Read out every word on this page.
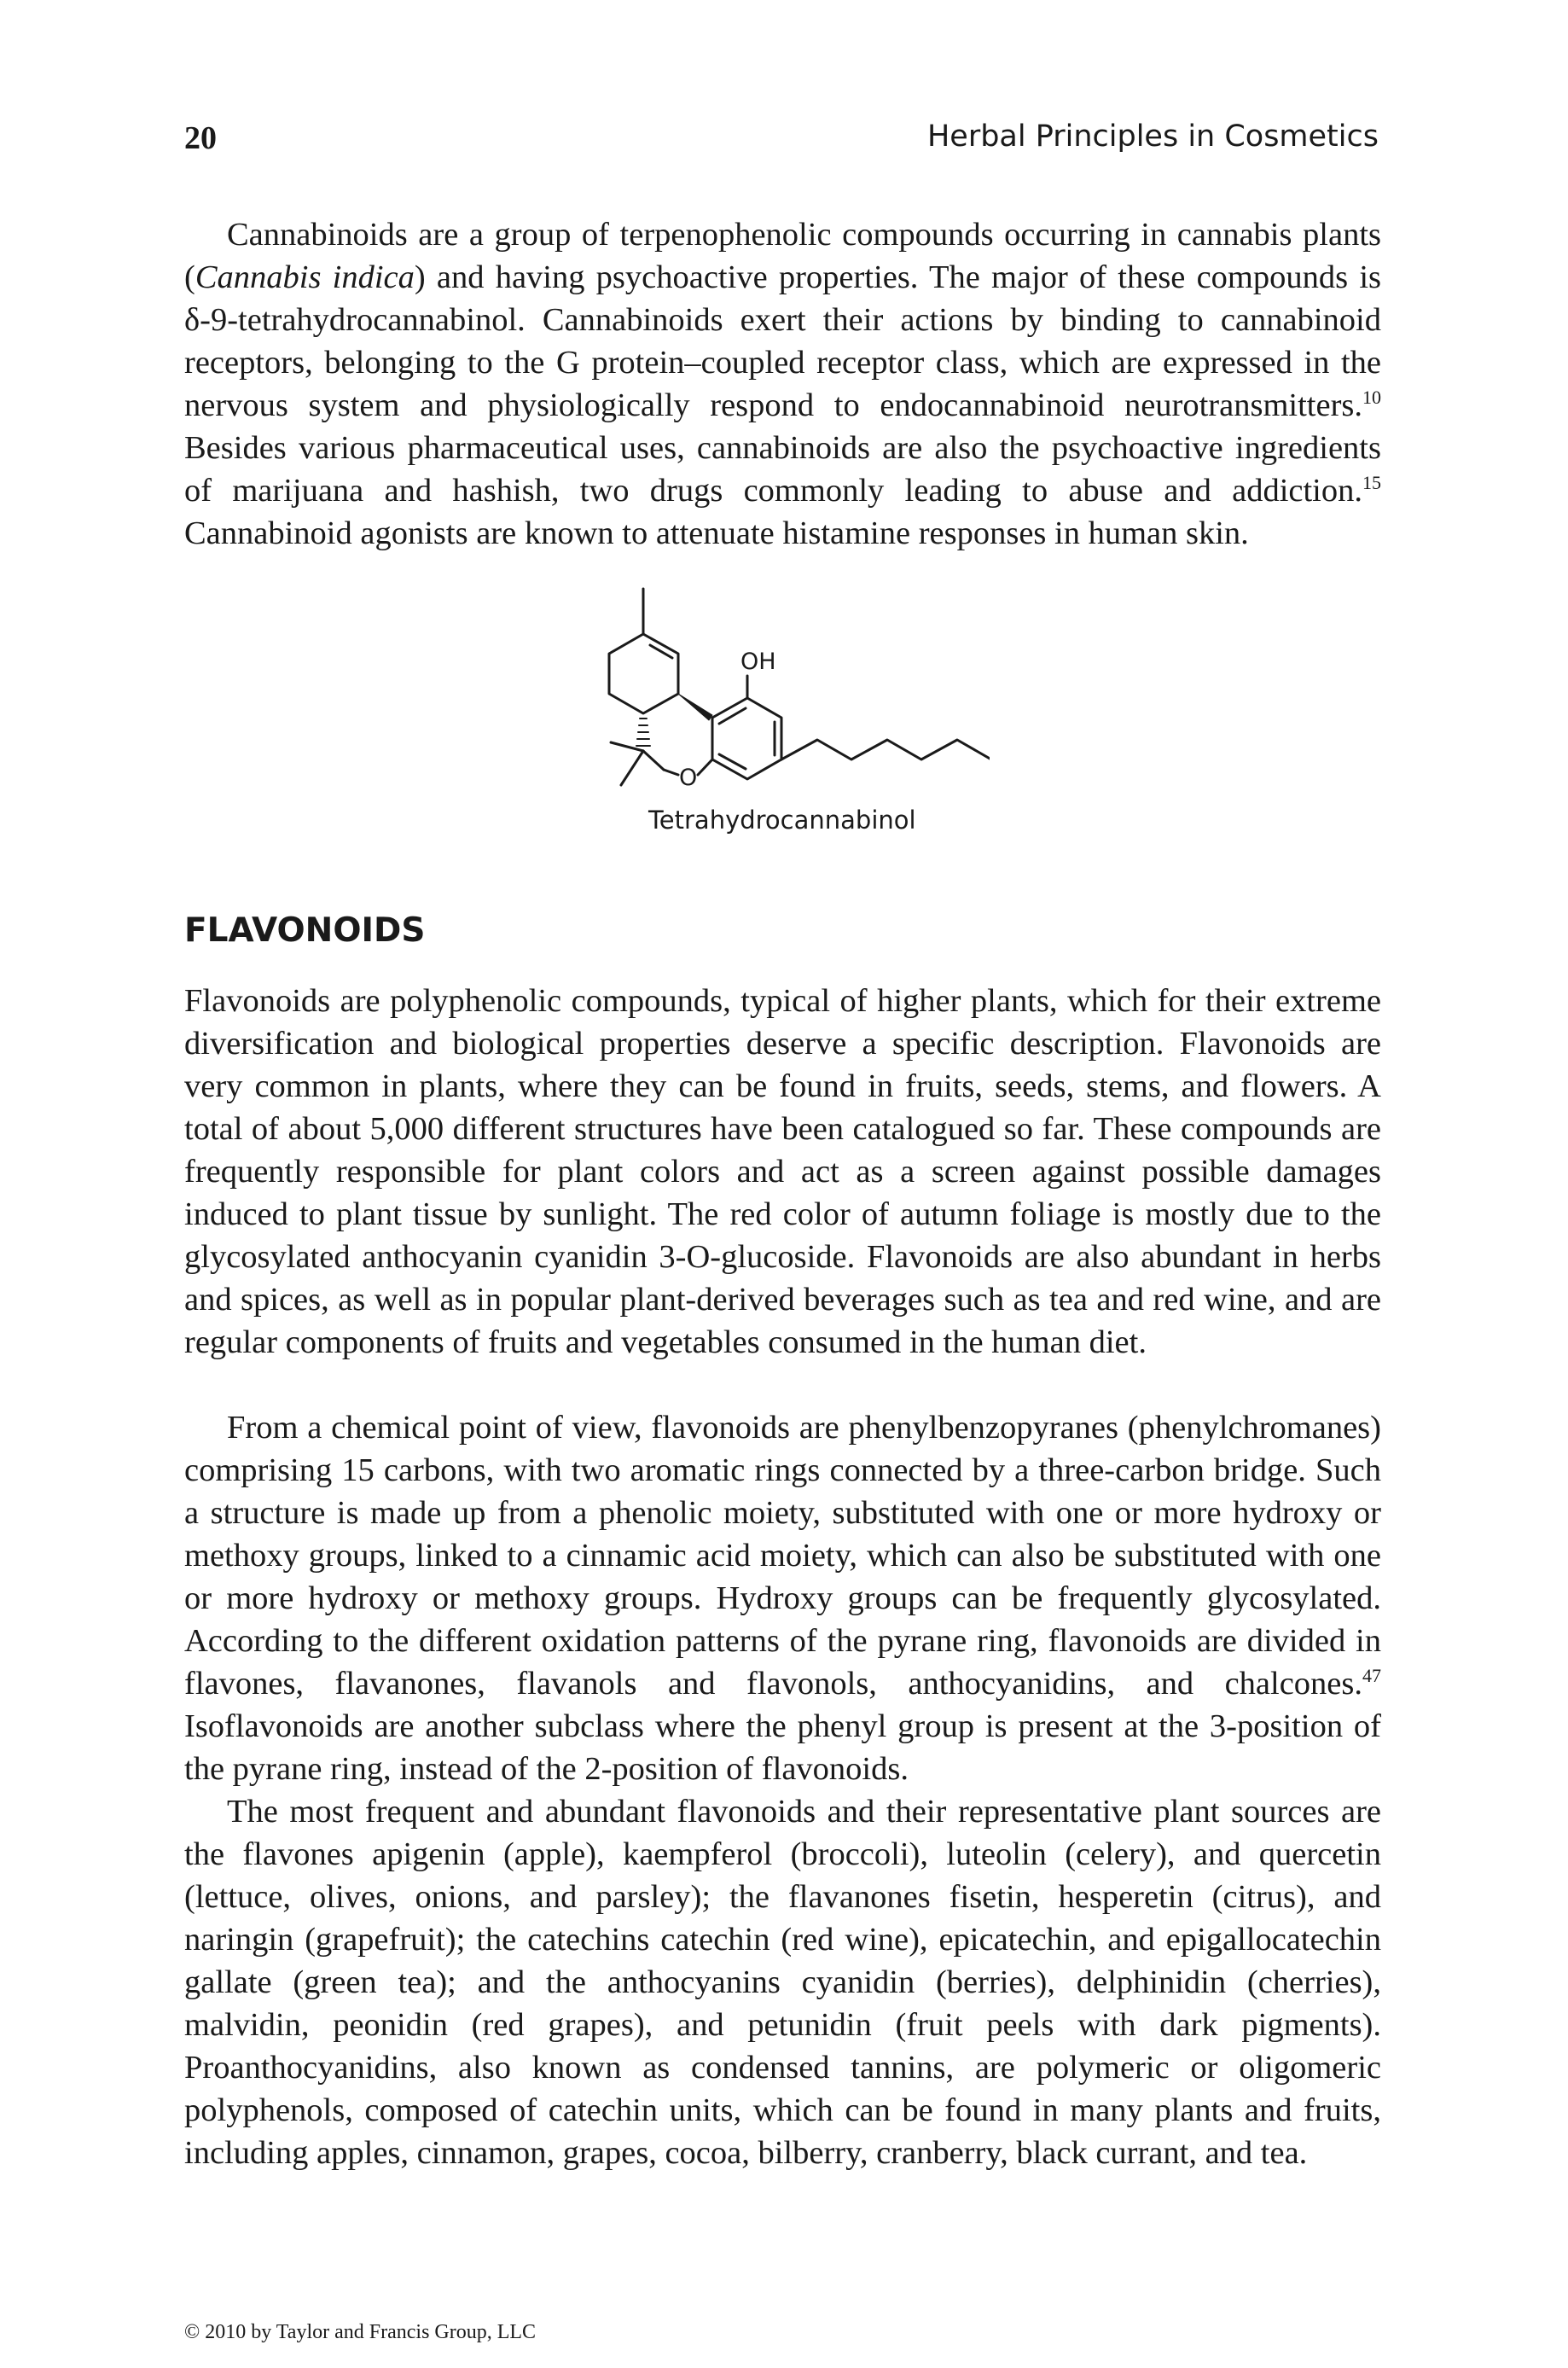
20	Herbal Principles in Cosmetics

Cannabinoids are a group of terpenophenolic compounds occurring in cannabis plants (Cannabis indica) and having psychoactive properties. The major of these compounds is δ-9-tetrahydrocannabinol. Cannabinoids exert their actions by binding to cannabinoid receptors, belonging to the G protein–coupled receptor class, which are expressed in the nervous system and physiologically respond to endocannabinoid neurotransmitters.$^{10}$ Besides various pharmaceutical uses, cannabinoids are also the psychoactive ingredients of marijuana and hashish, two drugs commonly leading to abuse and addiction.$^{15}$ Cannabinoid agonists are known to attenuate histamine responses in human skin.

OH
O
Tetrahydrocannabinol
FLAVONOIDS

Flavonoids are polyphenolic compounds, typical of higher plants, which for their extreme diversification and biological properties deserve a specific description. Flavonoids are very common in plants, where they can be found in fruits, seeds, stems, and flowers. A total of about 5,000 different structures have been catalogued so far. These compounds are frequently responsible for plant colors and act as a screen against possible damages induced to plant tissue by sunlight. The red color of autumn foliage is mostly due to the glycosylated anthocyanin cyanidin 3-O-glucoside. Flavonoids are also abundant in herbs and spices, as well as in popular plant-derived beverages such as tea and red wine, and are regular components of fruits and vegetables consumed in the human diet.

From a chemical point of view, flavonoids are phenylbenzopyranes (phenylchromanes) comprising 15 carbons, with two aromatic rings connected by a three-carbon bridge. Such a structure is made up from a phenolic moiety, substituted with one or more hydroxy or methoxy groups, linked to a cinnamic acid moiety, which can also be substituted with one or more hydroxy or methoxy groups. Hydroxy groups can be frequently glycosylated. According to the different oxidation patterns of the pyrane ring, flavonoids are divided in flavones, flavanones, flavanols and flavonols, anthocyanidins, and chalcones.$^{47}$ Isoflavonoids are another subclass where the phenyl group is present at the 3-position of the pyrane ring, instead of the 2-position of flavonoids.

The most frequent and abundant flavonoids and their representative plant sources are the flavones apigenin (apple), kaempferol (broccoli), luteolin (celery), and quercetin (lettuce, olives, onions, and parsley); the flavanones fisetin, hesperetin (citrus), and naringin (grapefruit); the catechins catechin (red wine), epicatechin, and epigallocatechin gallate (green tea); and the anthocyanins cyanidin (berries), delphinidin (cherries), malvidin, peonidin (red grapes), and petunidin (fruit peels with dark pigments). Proanthocyanidins, also known as condensed tannins, are polymeric or oligomeric polyphenols, composed of catechin units, which can be found in many plants and fruits, including apples, cinnamon, grapes, cocoa, bilberry, cranberry, black currant, and tea.

© 2010 by Taylor and Francis Group, LLC
